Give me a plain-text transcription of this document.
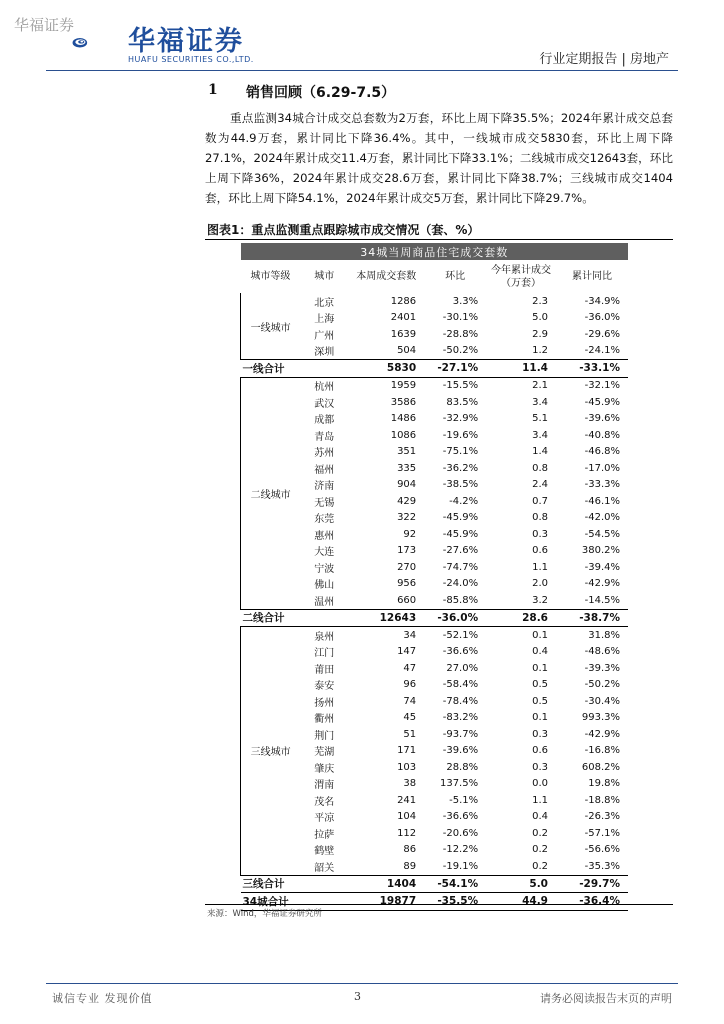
华福证券
华福证券
HUAFU SECURITIES CO.,LTD.	行业定期报告 | 房地产
1 销售回顾（6.29-7.5）
重点监测34城合计成交总套数为2万套，环比上周下降35.5%；2024年累计成交总套数为44.9万套，累计同比下降36.4%。其中，一线城市成交5830套，环比上周下降27.1%，2024年累计成交11.4万套，累计同比下降33.1%；二线城市成交12643套，环比上周下降36%，2024年累计成交28.6万套，累计同比下降38.7%；三线城市成交1404套，环比上周下降54.1%，2024年累计成交5万套，累计同比下降29.7%。
图表1：重点监测重点跟踪城市成交情况（套、%）
34城当周商品住宅成交套数					
城市等级	城市	本周成交套数	环比	今年累计成交（万套）	累计同比
一线城市	北京	1286	3.3%	2.3	-34.9%
	上海	2401	-30.1%	5.0	-36.0%
	广州	1639	-28.8%	2.9	-29.6%
	深圳	504	-50.2%	1.2	-24.1%
一线合计		5830	-27.1%	11.4	-33.1%
二线城市	杭州	1959	-15.5%	2.1	-32.1%
	武汉	3586	83.5%	3.4	-45.9%
	成都	1486	-32.9%	5.1	-39.6%
	青岛	1086	-19.6%	3.4	-40.8%
	苏州	351	-75.1%	1.4	-46.8%
	福州	335	-36.2%	0.8	-17.0%
	济南	904	-38.5%	2.4	-33.3%
	无锡	429	-4.2%	0.7	-46.1%
	东莞	322	-45.9%	0.8	-42.0%
	惠州	92	-45.9%	0.3	-54.5%
	大连	173	-27.6%	0.6	380.2%
	宁波	270	-74.7%	1.1	-39.4%
	佛山	956	-24.0%	2.0	-42.9%
	温州	660	-85.8%	3.2	-14.5%
二线合计		12643	-36.0%	28.6	-38.7%
三线城市	泉州	34	-52.1%	0.1	31.8%
	江门	147	-36.6%	0.4	-48.6%
	莆田	47	27.0%	0.1	-39.3%
	泰安	96	-58.4%	0.5	-50.2%
	扬州	74	-78.4%	0.5	-30.4%
	衢州	45	-83.2%	0.1	993.3%
	荆门	51	-93.7%	0.3	-42.9%
	芜湖	171	-39.6%	0.6	-16.8%
	肇庆	103	28.8%	0.3	608.2%
	渭南	38	137.5%	0.0	19.8%
	茂名	241	-5.1%	1.1	-18.8%
	平凉	104	-36.6%	0.4	-26.3%
	拉萨	112	-20.6%	0.2	-57.1%
	鹤壁	86	-12.2%	0.2	-56.6%
	韶关	89	-19.1%	0.2	-35.3%
三线合计		1404	-54.1%	5.0	-29.7%
34城合计		19877	-35.5%	44.9	-36.4%
来源：Wind，华福证券研究所
诚信专业 发现价值	3	请务必阅读报告末页的声明
